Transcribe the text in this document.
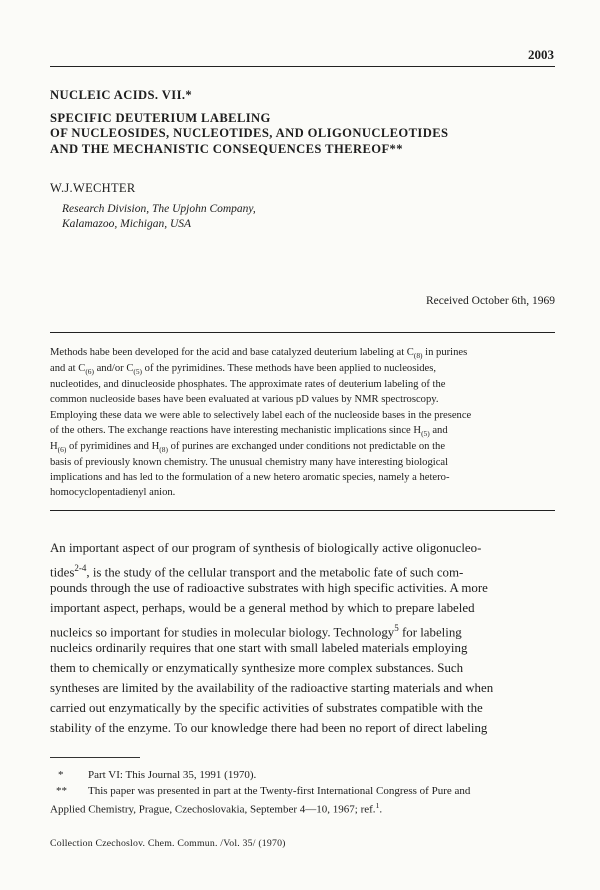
2003
NUCLEIC ACIDS. VII.*
SPECIFIC DEUTERIUM LABELING
OF NUCLEOSIDES, NUCLEOTIDES, AND OLIGONUCLEOTIDES
AND THE MECHANISTIC CONSEQUENCES THEREOF**
W.J.WECHTER
Research Division, The Upjohn Company,
Kalamazoo, Michigan, USA
Received October 6th, 1969
Methods habe been developed for the acid and base catalyzed deuterium labeling at $C_{(8)}$ in purines
and at $C_{(6)}$ and/or $C_{(5)}$ of the pyrimidines. These methods have been applied to nucleosides,
nucleotides, and dinucleoside phosphates. The approximate rates of deuterium labeling of the
common nucleoside bases have been evaluated at various pD values by NMR spectroscopy.
Employing these data we were able to selectively label each of the nucleoside bases in the presence
of the others. The exchange reactions have interesting mechanistic implications since $H_{(5)}$ and
$H_{(6)}$ of pyrimidines and $H_{(8)}$ of purines are exchanged under conditions not predictable on the
basis of previously known chemistry. The unusual chemistry many have interesting biological
implications and has led to the formulation of a new hetero aromatic species, namely a hetero-
homocyclopentadienyl anion.
An important aspect of our program of synthesis of biologically active oligonucleo-
tides$^{2-4}$, is the study of the cellular transport and the metabolic fate of such com-
pounds through the use of radioactive substrates with high specific activities. A more
important aspect, perhaps, would be a general method by which to prepare labeled
nucleics so important for studies in molecular biology. Technology$^5$ for labeling
nucleics ordinarily requires that one start with small labeled materials employing
them to chemically or enzymatically synthesize more complex substances. Such
syntheses are limited by the availability of the radioactive starting materials and when
carried out enzymatically by the specific activities of substrates compatible with the
stability of the enzyme. To our knowledge there had been no report of direct labeling
* Part VI: This Journal 35, 1991 (1970).
** This paper was presented in part at the Twenty-first International Congress of Pure and
Applied Chemistry, Prague, Czechoslovakia, September 4—10, 1967; ref.$^1$.
Collection Czechoslov. Chem. Commun. /Vol. 35/ (1970)
